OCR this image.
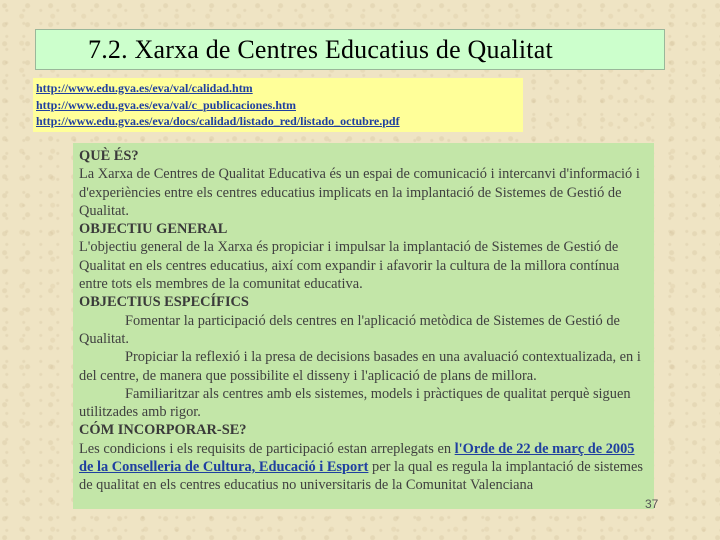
7.2. Xarxa de Centres Educatius de Qualitat
http://www.edu.gva.es/eva/val/calidad.htm
http://www.edu.gva.es/eva/val/c_publicaciones.htm
http://www.edu.gva.es/eva/docs/calidad/listado_red/listado_octubre.pdf

QUÈ ÉS?

La Xarxa de Centres de Qualitat Educativa és un espai de comunicació i intercanvi d'informació i d'experiències entre els centres educatius implicats en la implantació de Sistemes de Gestió de Qualitat.

OBJECTIU GENERAL

L'objectiu general de la Xarxa és propiciar i impulsar la implantació de Sistemes de Gestió de Qualitat en els centres educatius, així com expandir i afavorir la cultura de la millora contínua entre tots els membres de la comunitat educativa.

OBJECTIUS ESPECÍFICS

Fomentar la participació dels centres en l'aplicació metòdica de Sistemes de Gestió de Qualitat.

Propiciar la reflexió i la presa de decisions basades en una avaluació contextualizada, en i del centre, de manera que possibilite el disseny i l'aplicació de plans de millora.

Familiaritzar als centres amb els sistemes, models i pràctiques de qualitat perquè siguen utilitzades amb rigor.

CÓM INCORPORAR-SE?

Les condicions i els requisits de participació estan arreplegats en l'Orde de 22 de març de 2005 de la Conselleria de Cultura, Educació i Esport per la qual es regula la implantació de sistemes de qualitat en els centres educatius no universitaris de la Comunitat Valenciana

37
